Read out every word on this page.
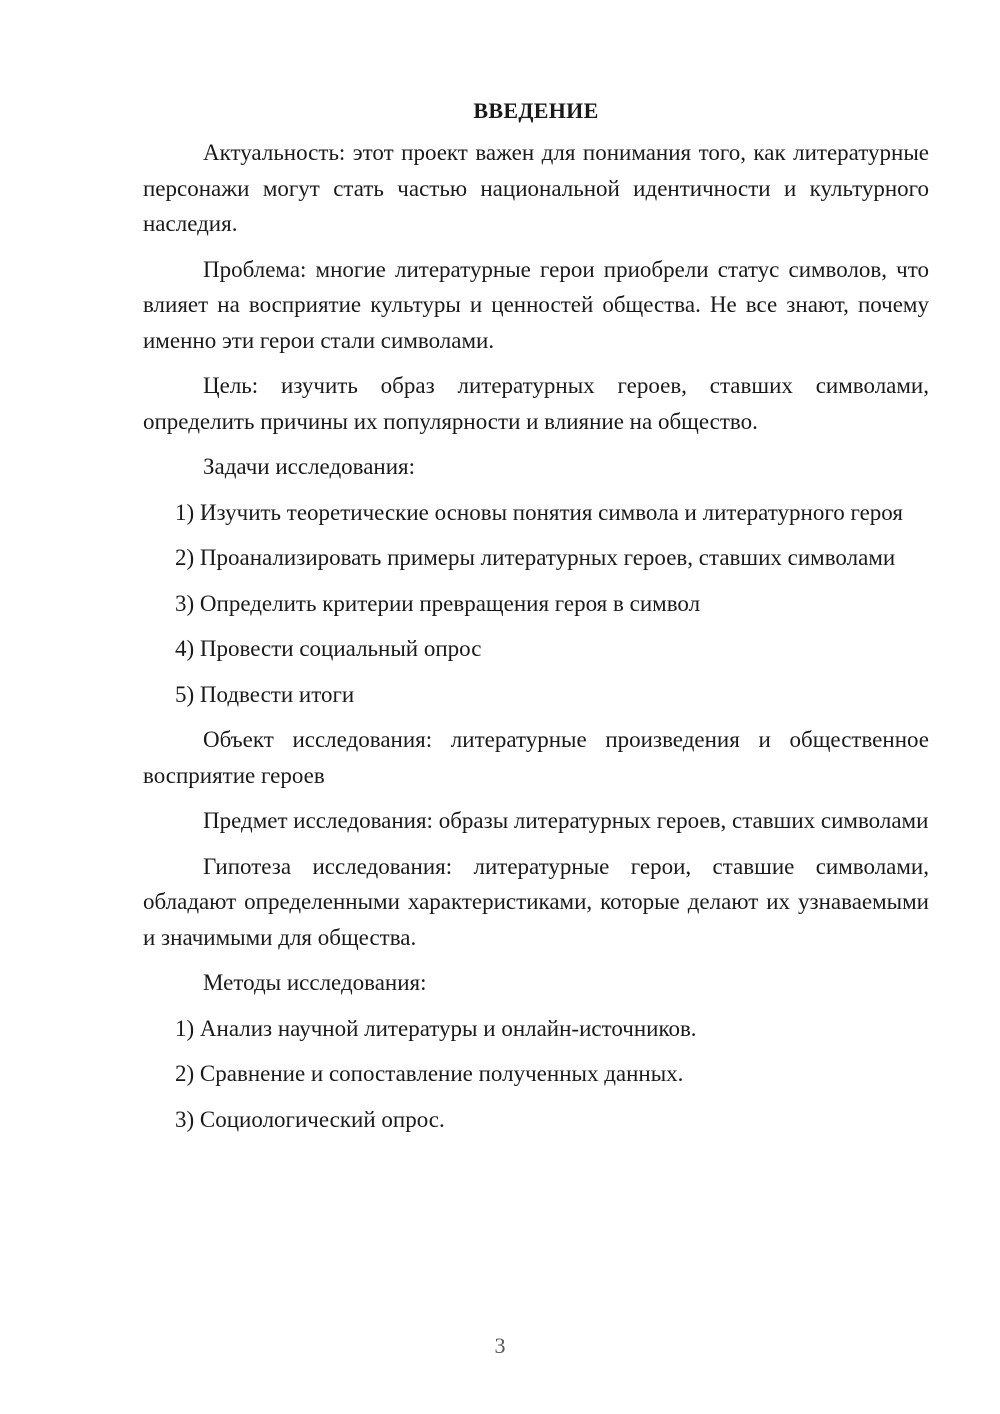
ВВЕДЕНИЕ

Актуальность: этот проект важен для понимания того, как литературные персонажи могут стать частью национальной идентичности и культурного наследия.

Проблема: многие литературные герои приобрели статус символов, что влияет на восприятие культуры и ценностей общества. Не все знают, почему именно эти герои стали символами.

Цель: изучить образ литературных героев, ставших символами, определить причины их популярности и влияние на общество.

Задачи исследования:

1) Изучить теоретические основы понятия символа и литературного героя

2) Проанализировать примеры литературных героев, ставших символами

3) Определить критерии превращения героя в символ

4) Провести социальный опрос

5) Подвести итоги

Объект исследования: литературные произведения и общественное восприятие героев

Предмет исследования: образы литературных героев, ставших символами

Гипотеза исследования: литературные герои, ставшие символами, обладают определенными характеристиками, которые делают их узнаваемыми и значимыми для общества.

Методы исследования:

1) Анализ научной литературы и онлайн-источников.

2) Сравнение и сопоставление полученных данных.

3) Социологический опрос.

3
